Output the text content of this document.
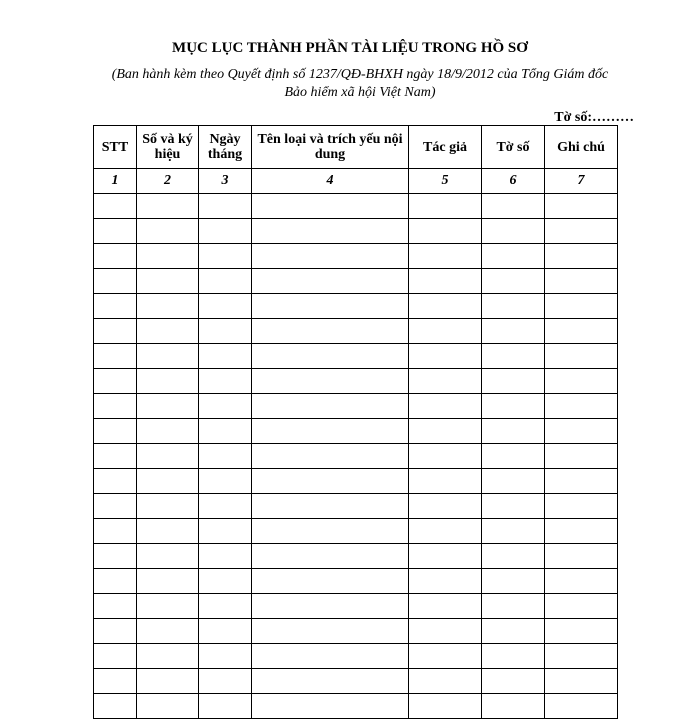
MỤC LỤC THÀNH PHẦN TÀI LIỆU TRONG HỒ SƠ
(Ban hành kèm theo Quyết định số 1237/QĐ-BHXH ngày 18/9/2012 của Tổng Giám đốc Bảo hiểm xã hội Việt Nam)
Tờ số:………
STT	Số và ký hiệu	Ngày tháng	Tên loại và trích yếu nội dung	Tác giả	Tờ số	Ghi chú
1	2	3	4	5	6	7
